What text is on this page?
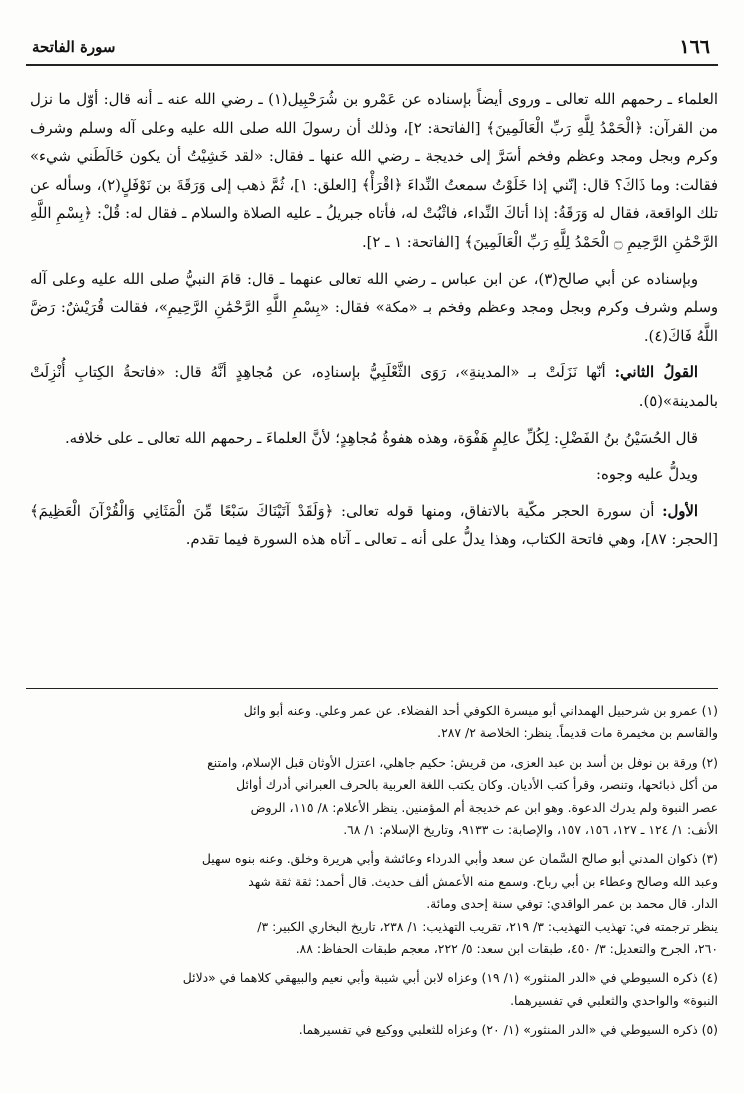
١٦٦
سورة الفاتحة

العلماء ـ رحمهم الله تعالى ـ وروى أيضاً بإسناده عن عَمْرو بن شُرَحْبِيل(١) ـ رضي الله عنه ـ أنه قال: أوّل ما نزل من القرآن: ﴿الْحَمْدُ لِلَّهِ رَبِّ الْعَالَمِينَ﴾ [الفاتحة: ٢]، وذلك أن رسولَ الله صلى الله عليه وعلى آله وسلم وشرف وكرم وبجل ومجد وعظم وفخم أسَرَّ إلى خديجة ـ رضي الله عنها ـ فقال: «لقد خَشِيْتُ أن يكون خَالَطَني شيء» فقالت: وما ذَاكَ؟ قال: إنّني إذا خَلَوْتُ سمعتُ النِّداءَ ﴿اقْرَأْ﴾ [العلق: ١]، ثُمَّ ذهب إلى وَرَقَةَ بن نَوْفَلٍ(٢)، وسأله عن تلك الواقعة، فقال له وَرَقَةُ: إذا أتاكَ النِّداء، فاثْبُتْ له، فأتاه جبريلُ ـ عليه الصلاة والسلام ـ فقال له: قُلْ: ﴿بِسْمِ اللَّهِ الرَّحْمَٰنِ الرَّحِيمِ ۝ الْحَمْدُ لِلَّهِ رَبِّ الْعَالَمِينَ﴾ [الفاتحة: ١ ـ ٢].

وبإسناده عن أبي صالح(٣)، عن ابن عباس ـ رضي الله تعالى عنهما ـ قال: قامَ النبيُّ صلى الله عليه وعلى آله وسلم وشرف وكرم وبجل ومجد وعظم وفخم بـ «مكة» فقال: «بِسْمِ اللَّهِ الرَّحْمَٰنِ الرَّحِيمِ»، فقالت قُرَيْشٌ: رَضَّ اللَّهُ فَاكَ(٤).

القولُ الثاني: أنّها نَزَلَتْ بـ «المدينةِ»، رَوَى الثَّعْلَبِيُّ بإسنادِه، عن مُجاهِدٍ أنَّهُ قال: «فاتحةُ الكِتابِ أُنْزِلَتْ بالمدينة»(٥).

قال الحُسَيْنُ بنُ الفَضْلِ: لِكُلِّ عالِمٍ هَفْوَة، وهذه هفوةُ مُجاهِدٍ؛ لأنَّ العلماءَ ـ رحمهم الله تعالى ـ على خلافه.

ويدلُّ عليه وجوه:

الأول: أن سورة الحجر مكّية بالاتفاق، ومنها قوله تعالى: ﴿وَلَقَدْ آتَيْنَاكَ سَبْعًا مِّنَ الْمَثَانِي وَالْقُرْآنَ الْعَظِيمَ﴾ [الحجر: ٨٧]، وهي فاتحة الكتاب، وهذا يدلُّ على أنه ـ تعالى ـ آتاه هذه السورة فيما تقدم.

(١) عمرو بن شرحبيل الهمداني أبو ميسرة الكوفي أحد الفضلاء. عن عمر وعلي. وعنه أبو وائل
والقاسم بن مخيمرة مات قديماً. ينظر: الخلاصة ٢/ ٢٨٧.
(٢) ورقة بن نوفل بن أسد بن عبد العزى، من قريش: حكيم جاهلي، اعتزل الأوثان قبل الإسلام، وامتنع
من أكل ذبائحها، وتنصر، وقرأ كتب الأديان. وكان يكتب اللغة العربية بالحرف العبراني أدرك أوائل
عصر النبوة ولم يدرك الدعوة. وهو ابن عم خديجة أم المؤمنين. ينظر الأعلام: ٨/ ١١٥، الروض
الأنف: ١/ ١٢٤ ـ ١٢٧، ١٥٦، ١٥٧، والإصابة: ت ٩١٣٣، وتاريخ الإسلام: ١/ ٦٨.
(٣) ذكوان المدني أبو صالح السَّمان عن سعد وأبي الدرداء وعائشة وأبي هريرة وخلق. وعنه بنوه سهيل
وعبد الله وصالح وعطاء بن أبي رباح. وسمع منه الأعمش ألف حديث. قال أحمد: ثقة ثقة شهد
الدار. قال محمد بن عمر الواقدي: توفي سنة إحدى ومائة.
ينظر ترجمته في: تهذيب التهذيب: ٣/ ٢١٩، تقريب التهذيب: ١/ ٢٣٨، تاريخ البخاري الكبير: ٣/
٢٦٠، الجرح والتعديل: ٣/ ٤٥٠، طبقات ابن سعد: ٥/ ٢٢٢، معجم طبقات الحفاظ: ٨٨.
(٤) ذكره السيوطي في «الدر المنثور» (١/ ١٩) وعزاه لابن أبي شيبة وأبي نعيم والبيهقي كلاهما في «دلائل
النبوة» والواحدي والثعلبي في تفسيرهما.
(٥) ذكره السيوطي في «الدر المنثور» (١/ ٢٠) وعزاه للثعلبي ووكيع في تفسيرهما.
